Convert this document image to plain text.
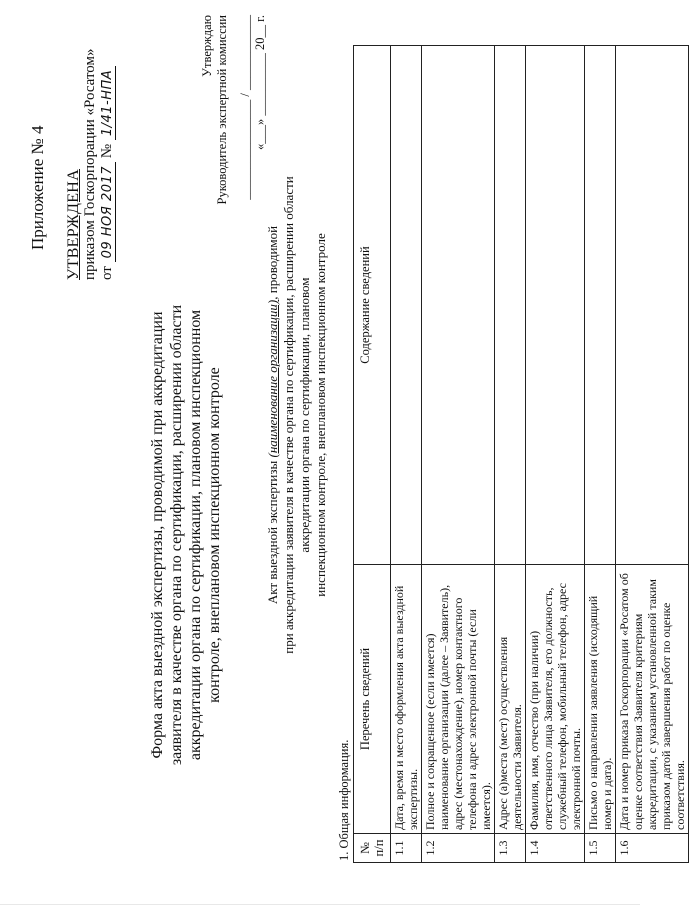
Приложение № 4 УТВЕРЖДЕНА приказом Госкорпорации «Росатом» от 09 НОЯ 2017 № 1/41-НПА
Форма акта выездной экспертизы, проводимой при аккредитации заявителя в качестве органа по сертификации, расширении области аккредитации органа по сертификации, плановом инспекционном контроле, внеплановом инспекционном контроле
Утверждаю Руководитель экспертной комиссии ________________ / ____________ «___» __________ 20__ г.
Акт выездной экспертизы (наименование организации), проводимой при аккредитации заявителя в качестве органа по сертификации, расширении области аккредитации органа по сертификации, плановом инспекционном контроле, внеплановом инспекционном контроле
1. Общая информация. № п/п	Перечень сведений	Содержание сведений
1.1	Дата, время и место оформления акта выездной экспертизы.	
1.2	Полное и сокращенное (если имеется) наименование организации (далее – Заявитель), адрес (местонахождение), номер контактного телефона и адрес электронной почты (если имеется).	
1.3	Адрес (а)места (мест) осуществления деятельности Заявителя.	
1.4	Фамилия, имя, отчество (при наличии) ответственного лица Заявителя, его должность, служебный телефон, мобильный телефон, адрес электронной почты.	
1.5	Письмо о направлении заявления (исходящий номер и дата).	
1.6	Дата и номер приказа Госкорпорации «Росатом об оценке соответствия Заявителя критериям аккредитации, с указанием установленной таким приказом датой завершения работ по оценке соответствия.	
